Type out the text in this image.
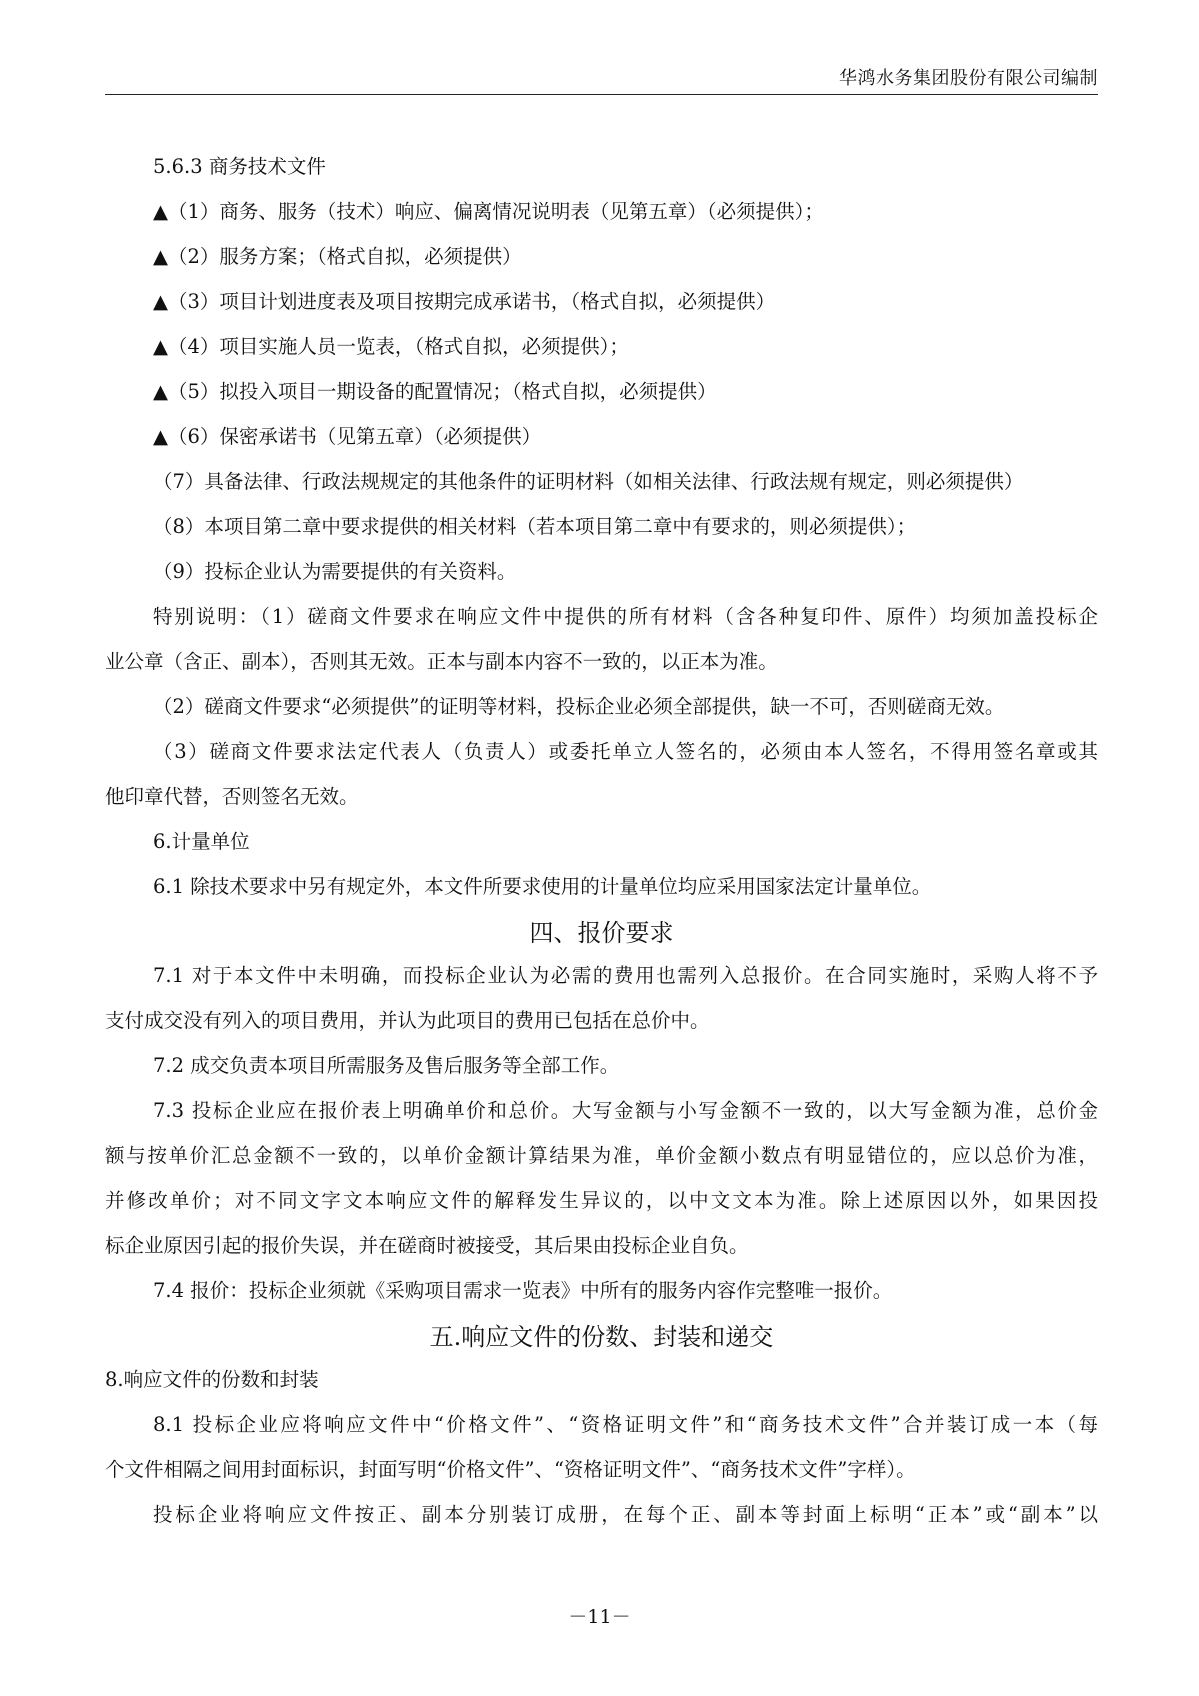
华鸿水务集团股份有限公司编制
5.6.3 商务技术文件
▲（1）商务、服务（技术）响应、偏离情况说明表（见第五章）（必须提供）；
▲（2）服务方案；（格式自拟，必须提供）
▲（3）项目计划进度表及项目按期完成承诺书，（格式自拟，必须提供）
▲（4）项目实施人员一览表，（格式自拟，必须提供）；
▲（5）拟投入项目一期设备的配置情况；（格式自拟，必须提供）
▲（6）保密承诺书（见第五章）（必须提供）
（7）具备法律、行政法规规定的其他条件的证明材料（如相关法律、行政法规有规定，则必须提供）
（8）本项目第二章中要求提供的相关材料（若本项目第二章中有要求的，则必须提供）；
（9）投标企业认为需要提供的有关资料。
特别说明：（1）磋商文件要求在响应文件中提供的所有材料（含各种复印件、原件）均须加盖投标企
业公章（含正、副本），否则其无效。正本与副本内容不一致的，以正本为准。
（2）磋商文件要求“必须提供”的证明等材料，投标企业必须全部提供，缺一不可，否则磋商无效。
（3）磋商文件要求法定代表人（负责人）或委托单立人签名的，必须由本人签名，不得用签名章或其
他印章代替，否则签名无效。
6.计量单位
6.1 除技术要求中另有规定外，本文件所要求使用的计量单位均应采用国家法定计量单位。
四、报价要求
7.1 对于本文件中未明确，而投标企业认为必需的费用也需列入总报价。在合同实施时，采购人将不予
支付成交没有列入的项目费用，并认为此项目的费用已包括在总价中。
7.2 成交负责本项目所需服务及售后服务等全部工作。
7.3 投标企业应在报价表上明确单价和总价。大写金额与小写金额不一致的，以大写金额为准，总价金
额与按单价汇总金额不一致的，以单价金额计算结果为准，单价金额小数点有明显错位的，应以总价为准，
并修改单价；对不同文字文本响应文件的解释发生异议的，以中文文本为准。除上述原因以外，如果因投
标企业原因引起的报价失误，并在磋商时被接受，其后果由投标企业自负。
7.4 报价：投标企业须就《采购项目需求一览表》中所有的服务内容作完整唯一报价。
五.响应文件的份数、封装和递交
8.响应文件的份数和封装
8.1 投标企业应将响应文件中“价格文件”、“资格证明文件”和“商务技术文件”合并装订成一本（每
个文件相隔之间用封面标识，封面写明“价格文件”、“资格证明文件”、“商务技术文件”字样）。
投标企业将响应文件按正、副本分别装订成册，在每个正、副本等封面上标明“正本”或“副本”以
－11－
